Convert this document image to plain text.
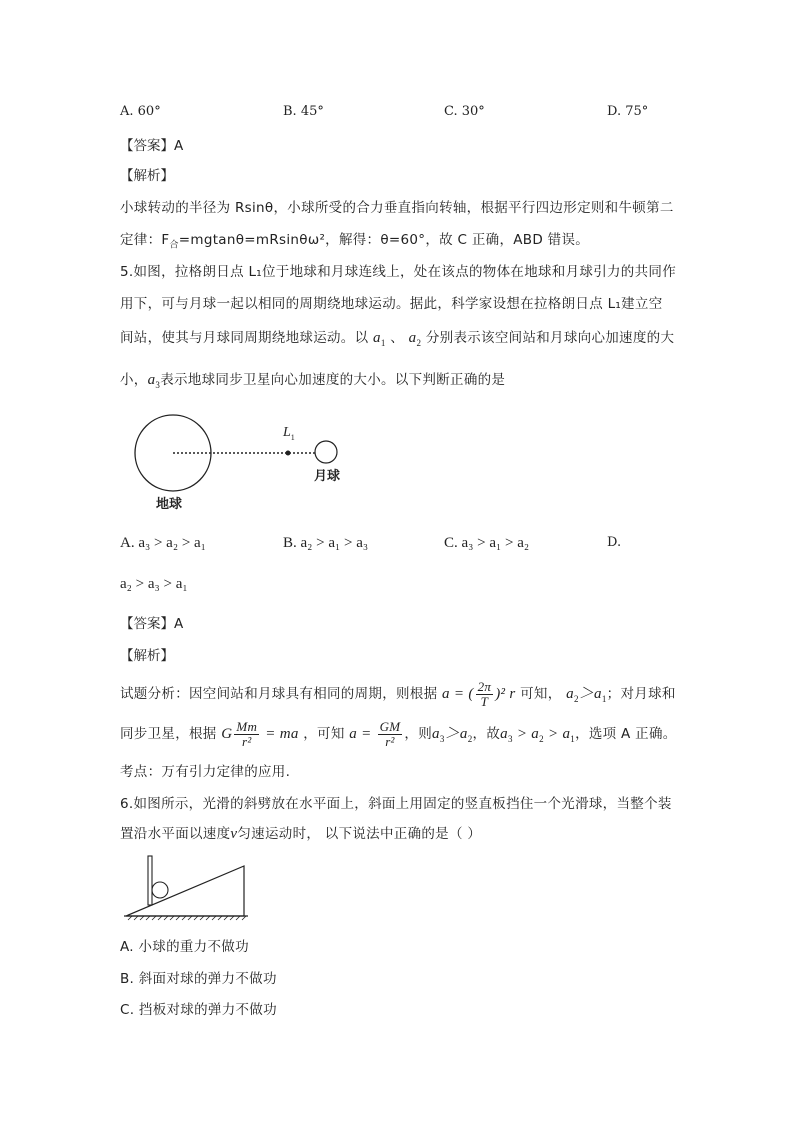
A. 60°	B. 45°	C. 30°	D. 75°
【答案】A
【解析】
小球转动的半径为 Rsinθ，小球所受的合力垂直指向转轴，根据平行四边形定则和牛顿第二
定律：$F_合=mgtan\theta=mRsin\theta\omega^2$，解得：θ=60°，故 C 正确，ABD 错误。
5.如图，拉格朗日点 L₁位于地球和月球连线上，处在该点的物体在地球和月球引力的共同作
用下，可与月球一起以相同的周期绕地球运动。据此，科学家设想在拉格朗日点 L₁建立空
间站，使其与月球同周期绕地球运动。以 $a_1$ 、 $a_2$ 分别表示该空间站和月球向心加速度的大
小，$a_3$表示地球同步卫星向心加速度的大小。以下判断正确的是
$L_1$
地球
月球
A. a₃ > a₂ > a₁	B. a₂ > a₁ > a₃	C. a₃ > a₁ > a₂	D.
a₂ > a₃ > a₁
【答案】A
【解析】
试题分析：因空间站和月球具有相同的周期，则根据 a = ( $\frac{2\pi}{T} )^2$ r 可知， $a_2>a_1$；对月球和
同步卫星，根据 G $\frac{Mm}{\text{r²}}$ = ma ，可知 $a = \frac{GM}{\text{r²}}$ ，则$a_3>a_2$，故$a_3 > a_2 > a_1$，选项 A 正确。
考点：万有引力定律的应用.
6.如图所示，光滑的斜劈放在水平面上，斜面上用固定的竖直板挡住一个光滑球，当整个装
置沿水平面以速度v匀速运动时， 以下说法中正确的是（ ）
A. 小球的重力不做功
B. 斜面对球的弹力不做功
C. 挡板对球的弹力不做功
